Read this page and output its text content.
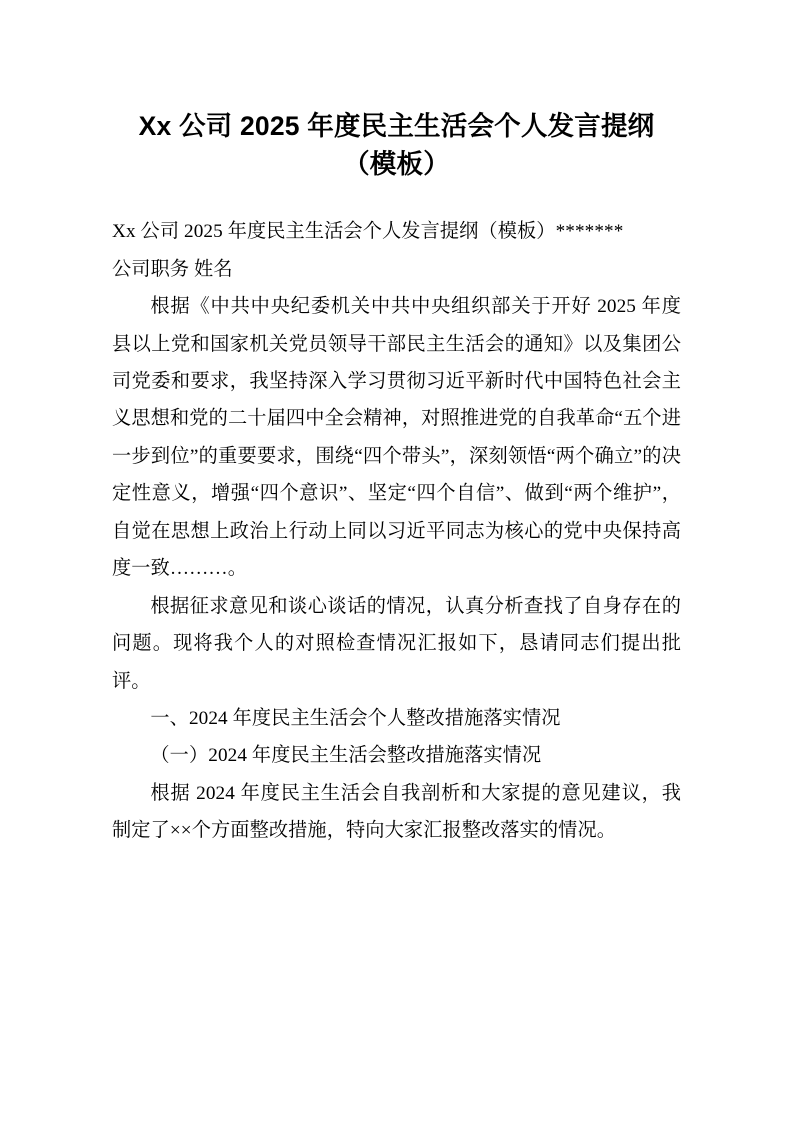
Xx 公司 2025 年度民主生活会个人发言提纲
（模板）

Xx 公司 2025 年度民主生活会个人发言提纲（模板）*******

公司职务 姓名

根据《中共中央纪委机关中共中央组织部关于开好 2025 年度县以上党和国家机关党员领导干部民主生活会的通知》以及集团公司党委和要求，我坚持深入学习贯彻习近平新时代中国特色社会主义思想和党的二十届四中全会精神，对照推进党的自我革命“五个进一步到位”的重要要求，围绕“四个带头”，深刻领悟“两个确立”的决定性意义，增强“四个意识”、坚定“四个自信”、做到“两个维护”，自觉在思想上政治上行动上同以习近平同志为核心的党中央保持高度一致………。

根据征求意见和谈心谈话的情况，认真分析查找了自身存在的问题。现将我个人的对照检查情况汇报如下，恳请同志们提出批评。

一、2024 年度民主生活会个人整改措施落实情况

（一）2024 年度民主生活会整改措施落实情况

根据 2024 年度民主生活会自我剖析和大家提的意见建议，我制定了××个方面整改措施，特向大家汇报整改落实的情况。
